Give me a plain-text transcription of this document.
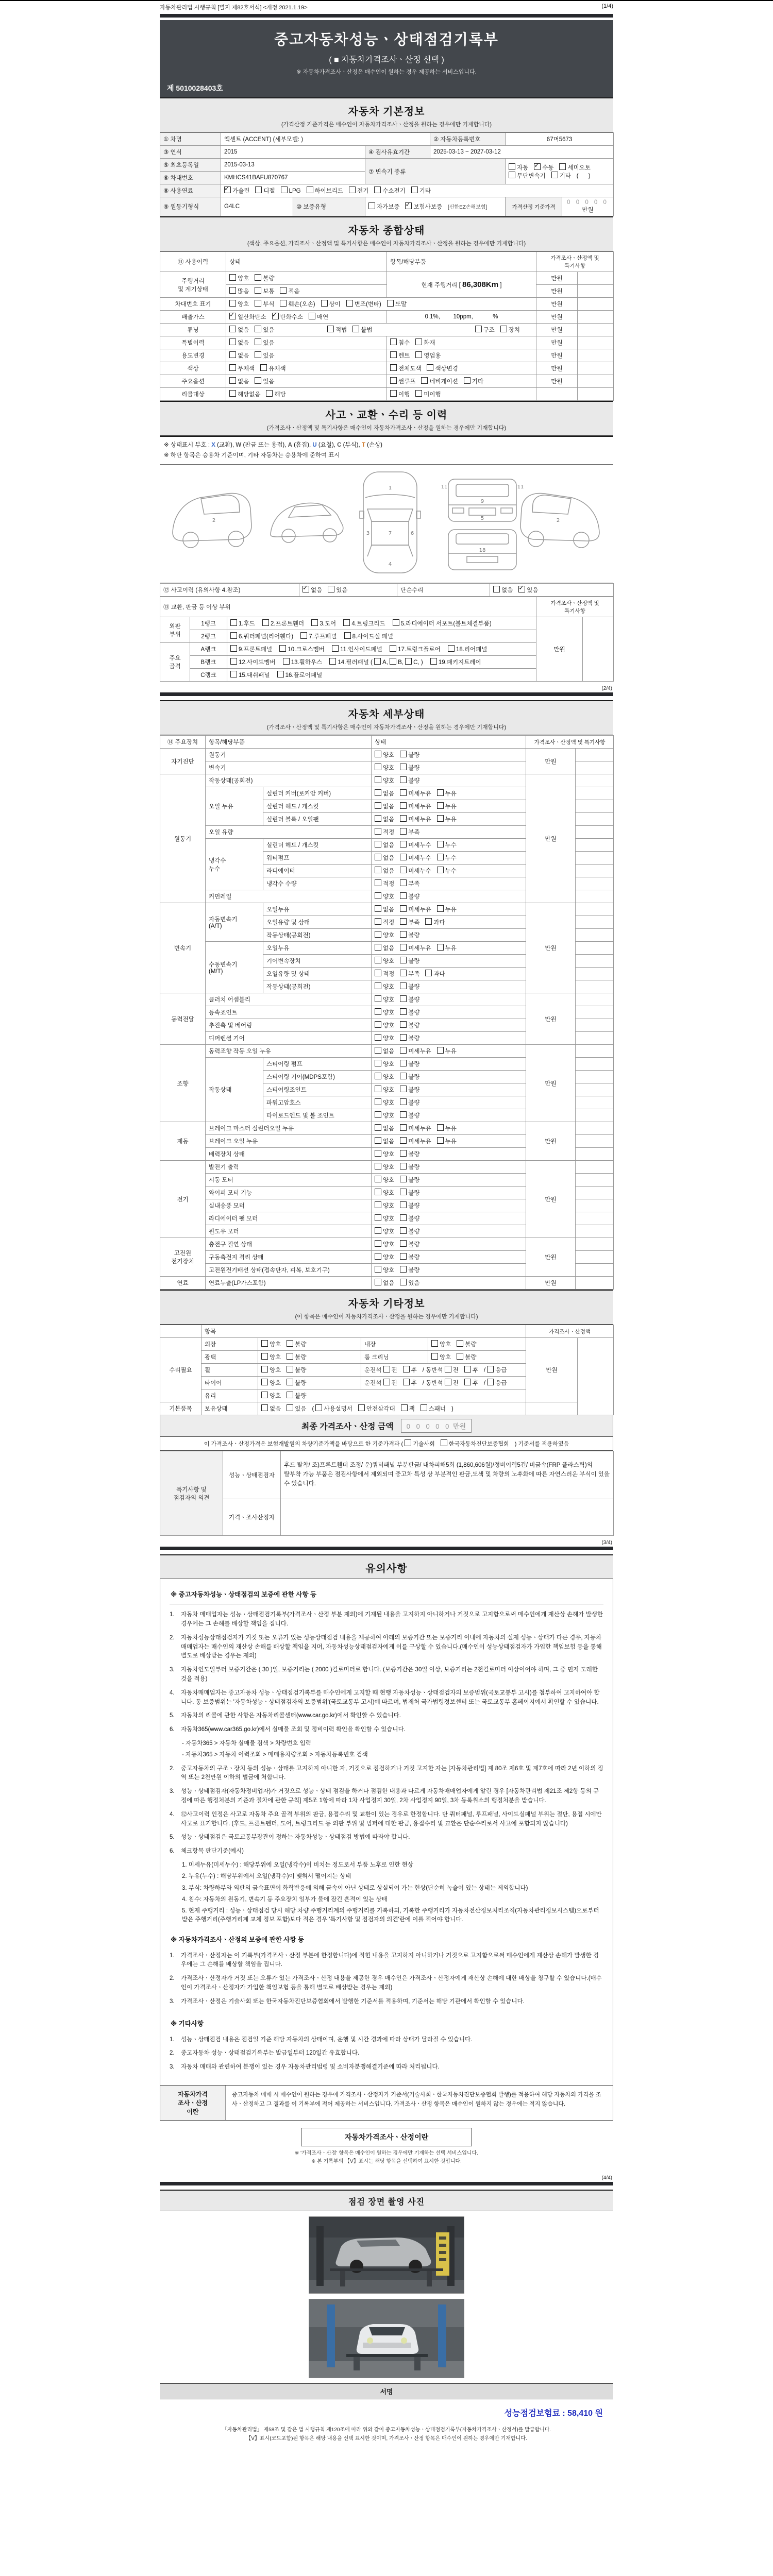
자동차관리법 시행규칙 [별지 제82호서식] <개정 2021.1.19>	(1/4)
중고자동차성능ㆍ상태점검기록부
( ■ 자동차가격조사ㆍ산정 선택 )
※ 자동차가격조사ㆍ산정은 매수인이 원하는 경우 제공하는 서비스입니다.
제 5010028403호
자동차 기본정보
(가격산정 기준가격은 매수인이 자동차가격조사ㆍ산정을 원하는 경우에만 기재합니다)
① 차명	엑센트 (ACCENT) (세부모델: )			② 자동차등록번호	67머5673	
③ 연식	2015		④ 검사유효기간	2025-03-13 ~ 2027-03-12		
⑤ 최초등록일	2015-03-13		⑦ 변속기 종류		자동 ✓ 수동 세미오토
무단변속기 기타 (      )
⑥ 차대번호	KMHCS41BAFU870767					
⑧ 사용연료	✓가솔린 디젤 LPG 하이브리드 전기 수소전기 기타
⑨ 원동기형식	G4LC	⑩ 보증유형	자가보증 ✓ 보험사보증 [신한EZ손해보험]		가격산정 기준가격	0 0 0 0 0 만원
자동차 종합상태
(색상, 주요옵션, 가격조사ㆍ산정액 및 특기사항은 매수인이 자동차가격조사ㆍ산정을 원하는 경우에만 기재합니다)
⑪ 사용이력	상태	항목/해당부품	가격조사ㆍ산정액 및 특기사항	
주행거리
및 계기상태	양호 불량	현재 주행거리 [ 86,308Km ]	만원	
	많음 보통 적음		만원	
차대번호 표기	양호 부식 훼손(오손) 상이 변조(변타) 도말		만원	
배출가스	✓일산화탄소 ✓ 탄화수소 매연	0.1%,        10ppm,            %	만원	
튜닝	없음 있음 적법 불법 구조 장치		만원	
특별이력	없음 있음	침수 화재	만원	
용도변경	없음 있음	렌트 영업용	만원	
색상	무채색 유채색	전체도색 색상변경	만원	
주요옵션	없음 있음	썬루프 네비게이션 기타	만원	
리콜대상	해당없음 해당	이행 미이행		
사고ㆍ교환ㆍ수리 등 이력
(가격조사ㆍ산정액 및 특기사항은 매수인이 자동차가격조사ㆍ산정을 원하는 경우에만 기재합니다)
※ 상태표시 부호 : X (교환), W (판금 또는 용접), A (흠집), U (요철), C (부식), T (손상)
※ 하단 항목은 승용차 기준이며, 기타 자동차는 승용차에 준하여 표시
2
1
7
4
3	6
11	11
9
5
18
2
⑫ 사고이력 (유의사항 4.참조)	✓없음 있음	단순수리	없음 ✓ 있음
⑬ 교환, 판금 등 이상 부위			가격조사ㆍ산정액 및 특기사항	
외판
부위	1랭크	1.후드 2.프론트휀더 3.도어 4.트렁크리드 5.라디에이터 서포트(볼트체결부품)	만원	
	2랭크	6.쿼터패널(리어휀다) 7.루프패널 8.사이드실 패널		
주요
골격	A랭크	9.프론트패널 10.크로스멤버 11.인사이드패널 17.트렁크플로어 18.리어패널		
	B랭크	12.사이드멤버 13.휠하우스 14.필러패널 ( A, B, C, ) 19.패키지트레이		
	C랭크	15.대쉬패널 16.플로어패널		
(2/4)
자동차 세부상태
(가격조사ㆍ산정액 및 특기사항은 매수인이 자동차가격조사ㆍ산정을 원하는 경우에만 기재합니다)
⑭ 주요장치	항목/해당부품		상태	가격조사ㆍ산정액 및 특기사항	
자기진단	원동기		양호 불량	만원	
	변속기		양호 불량		
원동기	작동상태(공회전)		양호 불량	만원	
	오일 누유	실린더 커버(로커암 커버)	없음 미세누유 누유		
		실린더 헤드 / 개스킷	없음 미세누유 누유		
		실린더 블록 / 오일팬	없음 미세누유 누유		
	오일 유량		적정 부족		
	냉각수
누수	실린더 헤드 / 개스킷	없음 미세누수 누수		
		워터펌프	없음 미세누수 누수		
		라디에이터	없음 미세누수 누수		
		냉각수 수량	적정 부족		
	커먼레일		양호 불량		
변속기	자동변속기
(A/T)	오일누유	없음 미세누유 누유	만원	
		오일유량 및 상태	적정 부족 과다		
		작동상태(공회전)	양호 불량		
	수동변속기
(M/T)	오일누유	없음 미세누유 누유		
		기어변속장치	양호 불량		
		오일유량 및 상태	적정 부족 과다		
		작동상태(공회전)	양호 불량		
동력전달	클러치 어셈블리		양호 불량	만원	
	등속죠인트		양호 불량		
	추진축 및 베어링		양호 불량		
	디퍼렌셜 기어		양호 불량		
조향	동력조향 작동 오일 누유		없음 미세누유 누유	만원	
	작동상태	스티어링 펌프	양호 불량		
		스티어링 기어(MDPS포함)	양호 불량		
		스티어링조인트	양호 불량		
		파워고압호스	양호 불량		
		타이로드엔드 및 볼 조인트	양호 불량		
제동	브레이크 마스터 실린더오일 누유		없음 미세누유 누유	만원	
	브레이크 오일 누유		없음 미세누유 누유		
	배력장치 상태		양호 불량		
전기	발전기 출력		양호 불량	만원	
	시동 모터		양호 불량		
	와이퍼 모터 기능		양호 불량		
	실내송풍 모터		양호 불량		
	라디에이터 팬 모터		양호 불량		
	윈도우 모터		양호 불량		
고전원
전기장치	충전구 절연 상태		양호 불량	만원	
	구동축전지 격리 상태		양호 불량		
	고전원전기배선 상태(접속단자, 피복, 보호기구)		양호 불량		
연료	연료누출(LP가스포함)		없음 있음	만원	
자동차 기타정보
(이 항목은 매수인이 자동차가격조사ㆍ산정을 원하는 경우에만 기재합니다)
	항목				가격조사ㆍ산정액	
수리필요	외장	양호 불량	내장	양호 불량	만원	
	광택	양호 불량	룸 크리닝	양호 불량		
	휠	양호 불량	운전석 전 후 / 동반석 전 후 / 응급			
	타이어	양호 불량	운전석 전 후 / 동반석 전 후 / 응급			
	유리	양호 불량				
기본품목	보유상태	없음 있음 ( 사용설명서 안전삼각대 잭 스패너 )				
최종 가격조사ㆍ산정 금액	0 0 0 0 0 만원
이 가격조사ㆍ산정가격은 보험개발원의 차량기준가액을 바탕으로 한 기준가격과 ( 기술사회 한국자동차진단보증협회 ) 기준서를 적용하였음
특기사항 및
점검자의 의견	성능ㆍ상태점검자	후드 탈착/ 조)프론트휀더 조정/ 운)쿼터패널 부분판금/ 내차피해5회 (1,860,606원)/정비이력5건/ 비금속(FRP 플라스틱)의 탈부착 가능 부품은 점검사항에서 제외되며 중고차 특성 상 부분적인 판금,도색 및 차량의 노후화에 따른 자연스러운 부식이 있을 수 있습니다.
	가격ㆍ조사산정자	
(3/4)
유의사항
※ 중고자동차성능ㆍ상태점검의 보증에 관한 사항 등
1.	자동차 매매업자는 성능ㆍ상태점검기록부(가격조사ㆍ산정 부분 제외)에 기재된 내용을 고지하지 아니하거나 거짓으로 고지함으로써 매수인에게 재산상 손해가 발생한 경우에는 그 손해를 배상할 책임을 집니다.
2.	자동차성능상태점검자가 거짓 또는 오류가 있는 성능상태점검 내용을 제공하여 아래의 보증기간 또는 보증거리 이내에 자동차의 실제 성능ㆍ상태가 다른 경우, 자동차매매업자는 매수인의 재산상 손해를 배상할 책임을 지며, 자동차성능상태점검자에게 이를 구상할 수 있습니다.(매수인이 성능상태점검자가 가입한 책임보험 등을 통해 별도로 배상받는 경우는 제외)
3.	자동차인도일부터 보증기간은 ( 30 )일, 보증거리는 ( 2000 )킬로미터로 합니다. (보증기간은 30일 이상, 보증거리는 2천킬로미터 이상이어야 하며, 그 중 먼저 도래한 것을 적용)
4.	자동차매매업자는 중고자동차 성능ㆍ상태점검기록부를 매수인에게 고지할 때 현행 자동차성능ㆍ상태점검자의 보증범위(국토교통부 고시)를 첨부하여 고지하여야 합니다. 동 보증범위는 '자동차성능ㆍ상태점검자의 보증범위'(국토교통부 고시)에 따르며, 법제처 국가법령정보센터 또는 국토교통부 홈페이지에서 확인할 수 있습니다.
5.	자동차의 리콜에 관한 사항은 자동차리콜센터(www.car.go.kr)에서 확인할 수 있습니다.
6.	자동차365(www.car365.go.kr)에서 실매물 조회 및 정비이력 확인을 확인할 수 있습니다.
- 자동차365 > 자동차 실매물 검색 > 차량번호 입력
- 자동차365 > 자동차 이력조회 > 매매용차량조회 > 자동차등록번호 검색
2.	중고자동차의 구조ㆍ장치 등의 성능ㆍ상태를 고지하지 아니한 자, 거짓으로 점검하거나 거짓 고지한 자는 [자동차관리법] 제 80조 제6호 및 제7호에 따라 2년 이하의 징역 또는 2천만원 이하의 벌금에 처합니다.
3.	성능ㆍ상태점검자(자동차정비업자)가 거짓으로 성능ㆍ상태 점검을 하거나 점검한 내용과 다르게 자동차매매업자에게 알린 경우 [자동차관리법 제21조 제2항 등의 규정에 따른 행정처분의 기준과 절차에 관한 규칙] 제5조 1항에 따라 1차 사업정지 30일, 2차 사업정지 90일, 3차 등록취소의 행정처분을 받습니다.
4.	⑫사고이력 인정은 사고로 자동차 주요 골격 부위의 판금, 용접수리 및 교환이 있는 경우로 한정합니다. 단 쿼터패널, 루프패널, 사이드실패널 부위는 절단, 용접 시에만 사고로 표기합니다. (후드, 프론트펜더, 도어, 트렁크리드 등 외판 부위 및 범퍼에 대한 판금, 용접수리 및 교환은 단순수리로서 사고에 포함되지 않습니다)
5.	성능ㆍ상태점검은 국토교통부장관이 정하는 자동차성능ㆍ상태점검 방법에 따라야 합니다.
6.	체크항목 판단기준(예시)
1. 미세누유(미세누수) : 해당부위에 오일(냉각수)이 비치는 정도로서 부품 노후로 인한 현상
2. 누유(누수) : 해당부위에서 오일(냉각수)이 맺혀서 떨어지는 상태
3. 부식: 차량하부와 외판의 금속표면이 화학반응에 의해 금속이 아닌 상태로 상실되어 가는 현상(단순히 녹슬어 있는 상태는 제외합니다)
4. 침수: 자동차의 원동기, 변속기 등 주요장치 일부가 물에 잠긴 흔적이 있는 상태
5. 현재 주행거리 : 성능ㆍ상태점검 당시 해당 차량 주행거리계의 주행거리를 기록하되, 기록한 주행거리가 자동차전산정보처리조직(자동차관리정보시스템)으로부터 받은 주행거리(주행거리계 교체 정보 포함)보다 적은 경우 '특기사항 및 점검자의 의견'란에 이를 적어야 합니다.
※ 자동차가격조사ㆍ산정의 보증에 관한 사항 등
1.	가격조사ㆍ산정자는 이 기록부(가격조사ㆍ산정 부분에 한정합니다)에 적힌 내용을 고지하지 아니하거나 거짓으로 고지함으로써 매수인에게 재산상 손해가 발생한 경우에는 그 손해를 배상할 책임을 집니다.
2.	가격조사ㆍ산정자가 거짓 또는 오류가 있는 가격조사ㆍ산정 내용을 제공한 경우 매수인은 가격조사ㆍ산정자에게 재산상 손해에 대한 배상을 청구할 수 있습니다.(매수인이 가격조사ㆍ산정자가 가입한 책임보험 등을 통해 별도로 배상받는 경우는 제외)
3.	가격조사ㆍ산정은 기술사회 또는 한국자동차진단보증협회에서 발행한 기준서를 적용하며, 기준서는 해당 기관에서 확인할 수 있습니다.
※ 기타사항
1.	성능ㆍ상태점검 내용은 점검일 기준 해당 자동차의 상태이며, 운행 및 시간 경과에 따라 상태가 달라질 수 있습니다.
2.	중고자동차 성능ㆍ상태점검기록부는 발급일부터 120일간 유효합니다.
3.	자동차 매매와 관련하여 분쟁이 있는 경우 자동차관리법령 및 소비자분쟁해결기준에 따라 처리됩니다.
자동차가격
조사ㆍ산정
이란
중고자동차 매매 시 매수인이 원하는 경우에 가격조사ㆍ산정자가 기준서(기술사회ㆍ한국자동차진단보증협회 발행)를 적용하여 해당 자동차의 가격을 조사ㆍ산정하고 그 결과를 이 기록부에 적어 제공하는 서비스입니다. 가격조사ㆍ산정 항목은 매수인이 원하지 않는 경우에는 적지 않습니다.
자동차가격조사ㆍ산정이란
※ '가격조사ㆍ산정' 항목은 매수인이 원하는 경우에만 기재하는 선택 서비스입니다.
※ 본 기록부의 【V】표시는 해당 항목을 선택하여 표시한 것입니다.
(4/4)
점검 장면 촬영 사진
서명
성능점검보험료 : 58,410 원
「자동차관리법」 제58조 및 같은 법 시행규칙 제120조에 따라 위와 같이 중고자동차성능ㆍ상태점검기록부(자동차가격조사ㆍ산정서)를 발급합니다.
【V】표시(코드포함)된 항목은 해당 내용을 선택 표시한 것이며, 가격조사ㆍ산정 항목은 매수인이 원하는 경우에만 기재합니다.
